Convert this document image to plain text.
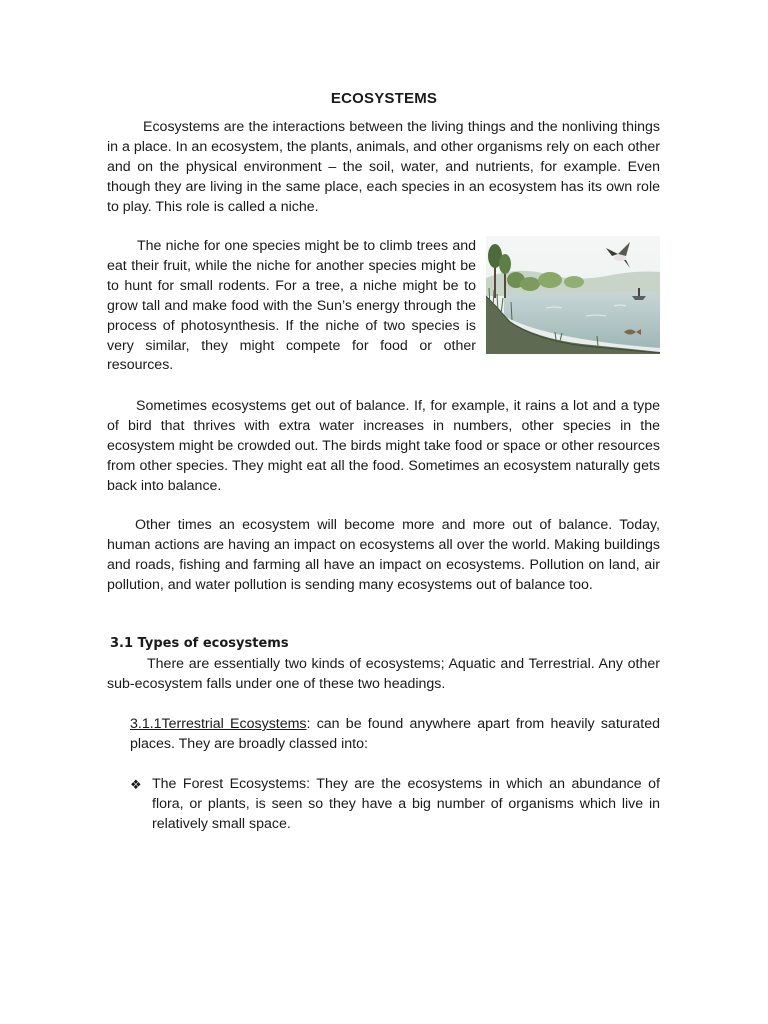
ECOSYSTEMS

Ecosystems are the interactions between the living things and the nonliving things in a place. In an ecosystem, the plants, animals, and other organisms rely on each other and on the physical environment – the soil, water, and nutrients, for example. Even though they are living in the same place, each species in an ecosystem has its own role to play. This role is called a niche.

The niche for one species might be to climb trees and eat their fruit, while the niche for another species might be to hunt for small rodents. For a tree, a niche might be to grow tall and make food with the Sun’s energy through the process of photosynthesis. If the niche of two species is very similar, they might compete for food or other resources.

Sometimes ecosystems get out of balance. If, for example, it rains a lot and a type of bird that thrives with extra water increases in numbers, other species in the ecosystem might be crowded out. The birds might take food or space or other resources from other species. They might eat all the food. Sometimes an ecosystem naturally gets back into balance.

Other times an ecosystem will become more and more out of balance. Today, human actions are having an impact on ecosystems all over the world. Making buildings and roads, fishing and farming all have an impact on ecosystems. Pollution on land, air pollution, and water pollution is sending many ecosystems out of balance too.

3.1 Types of ecosystems

There are essentially two kinds of ecosystems; Aquatic and Terrestrial. Any other sub-ecosystem falls under one of these two headings.

3.1.1Terrestrial Ecosystems: can be found anywhere apart from heavily saturated places. They are broadly classed into:

❖ The Forest Ecosystems: They are the ecosystems in which an abundance of flora, or plants, is seen so they have a big number of organisms which live in relatively small space.
